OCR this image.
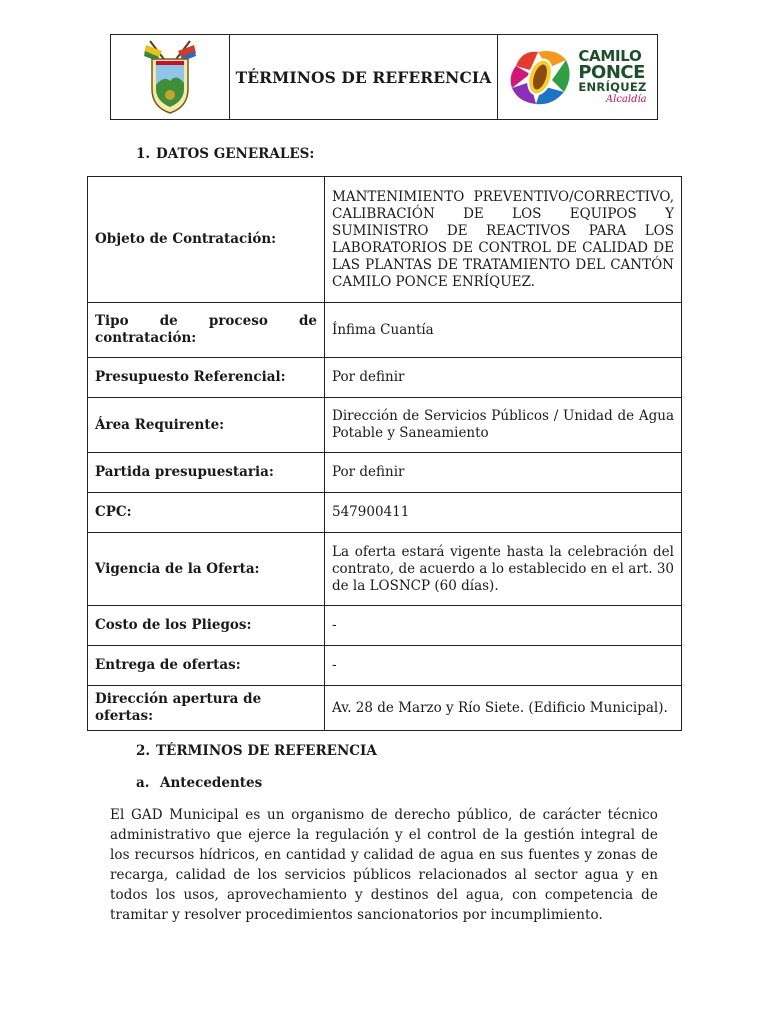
TÉRMINOS DE REFERENCIA
CAMILO
PONCE
ENRÍQUEZ
Alcaldía
1. DATOS GENERALES:
Objeto de Contratación:	MANTENIMIENTO PREVENTIVO/CORRECTIVO, CALIBRACIÓN DE LOS EQUIPOS Y SUMINISTRO DE REACTIVOS PARA LOS LABORATORIOS DE CONTROL DE CALIDAD DE LAS PLANTAS DE TRATAMIENTO DEL CANTÓN CAMILO PONCE ENRÍQUEZ.
Tipo de proceso de contratación:	Ínfima Cuantía
Presupuesto Referencial:	Por definir
Área Requirente:	Dirección de Servicios Públicos / Unidad de Agua Potable y Saneamiento
Partida presupuestaria:	Por definir
CPC:	547900411
Vigencia de la Oferta:	La oferta estará vigente hasta la celebración del contrato, de acuerdo a lo establecido en el art. 30 de la LOSNCP (60 días).
Costo de los Pliegos:	-
Entrega de ofertas:	-
Dirección apertura de ofertas:	Av. 28 de Marzo y Río Siete. (Edificio Municipal).
2. TÉRMINOS DE REFERENCIA
a. Antecedentes
El GAD Municipal es un organismo de derecho público, de carácter técnico administrativo que ejerce la regulación y el control de la gestión integral de los recursos hídricos, en cantidad y calidad de agua en sus fuentes y zonas de recarga, calidad de los servicios públicos relacionados al sector agua y en todos los usos, aprovechamiento y destinos del agua, con competencia de tramitar y resolver procedimientos sancionatorios por incumplimiento.
